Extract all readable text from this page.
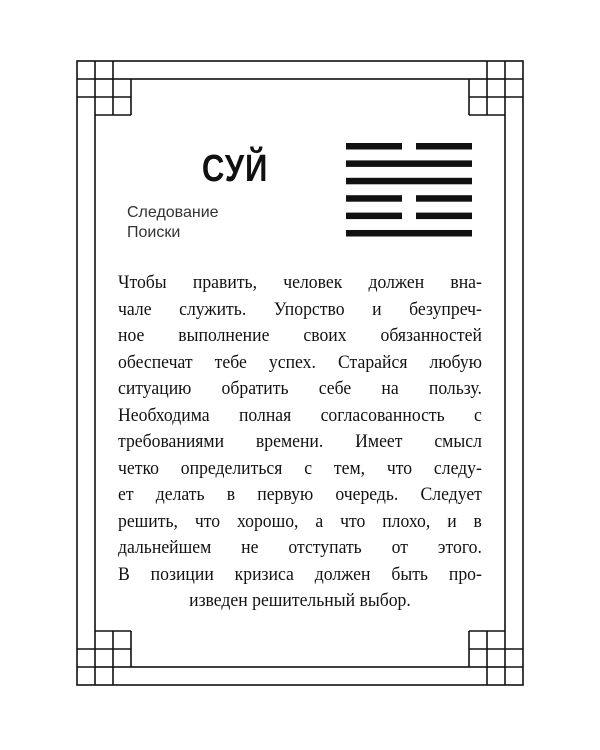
СУЙ
Следование
Поиски
Чтобы править, человек должен вна-
чале служить. Упорство и безупреч-
ное выполнение своих обязанностей
обеспечат тебе успех. Старайся любую
ситуацию обратить себе на пользу.
Необходима полная согласованность с
требованиями времени. Имеет смысл
четко определиться с тем, что следу-
ет делать в первую очередь. Следует
решить, что хорошо, а что плохо, и в
дальнейшем не отступать от этого.
В позиции кризиса должен быть про-
изведен решительный выбор.
